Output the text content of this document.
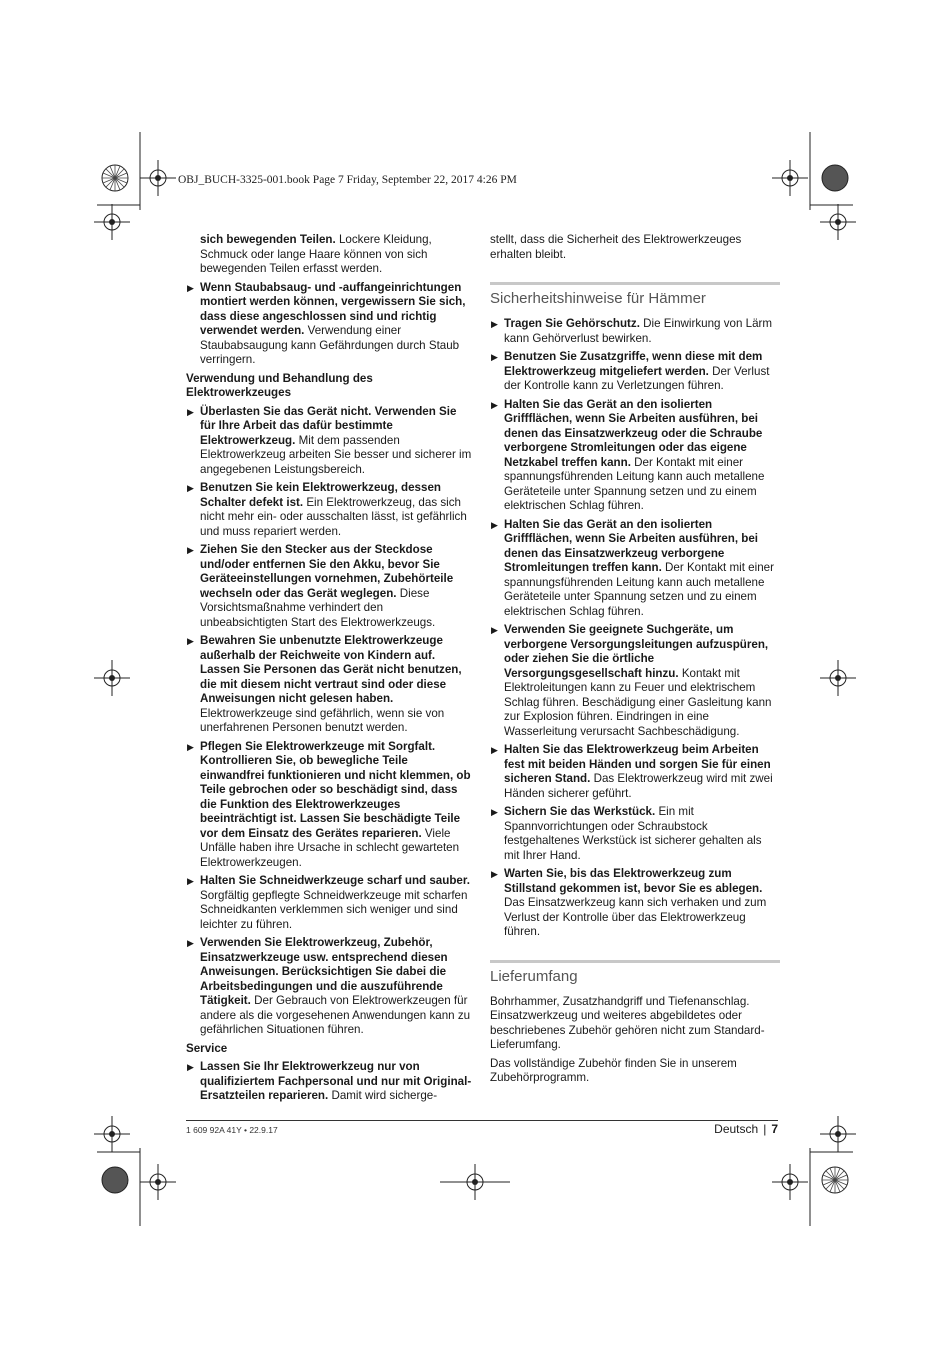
OBJ_BUCH-3325-001.book Page 7 Friday, September 22, 2017 4:26 PM

sich bewegenden Teilen. Lockere Kleidung, Schmuck oder lange Haare können von sich bewegenden Teilen erfasst werden.

▶ Wenn Staubabsaug- und -auffangeinrichtungen montiert werden können, vergewissern Sie sich, dass diese angeschlossen sind und richtig verwendet werden. Verwendung einer Staubabsaugung kann Gefährdungen durch Staub verringern.
Verwendung und Behandlung des Elektrowerkzeuges
▶ Überlasten Sie das Gerät nicht. Verwenden Sie für Ihre Arbeit das dafür bestimmte Elektrowerkzeug. Mit dem passenden Elektrowerkzeug arbeiten Sie besser und sicherer im angegebenen Leistungsbereich.
▶ Benutzen Sie kein Elektrowerkzeug, dessen Schalter defekt ist. Ein Elektrowerkzeug, das sich nicht mehr ein- oder ausschalten lässt, ist gefährlich und muss repariert werden.
▶ Ziehen Sie den Stecker aus der Steckdose und/oder entfernen Sie den Akku, bevor Sie Geräteeinstellungen vornehmen, Zubehörteile wechseln oder das Gerät weglegen. Diese Vorsichtsmaßnahme verhindert den unbeabsichtigten Start des Elektrowerkzeugs.
▶ Bewahren Sie unbenutzte Elektrowerkzeuge außerhalb der Reichweite von Kindern auf. Lassen Sie Personen das Gerät nicht benutzen, die mit diesem nicht vertraut sind oder diese Anweisungen nicht gelesen haben. Elektrowerkzeuge sind gefährlich, wenn sie von unerfahrenen Personen benutzt werden.
▶ Pflegen Sie Elektrowerkzeuge mit Sorgfalt. Kontrollieren Sie, ob bewegliche Teile einwandfrei funktionieren und nicht klemmen, ob Teile gebrochen oder so beschädigt sind, dass die Funktion des Elektrowerkzeuges beeinträchtigt ist. Lassen Sie beschädigte Teile vor dem Einsatz des Gerätes reparieren. Viele Unfälle haben ihre Ursache in schlecht gewarteten Elektrowerkzeugen.
▶ Halten Sie Schneidwerkzeuge scharf und sauber. Sorgfältig gepflegte Schneidwerkzeuge mit scharfen Schneidkanten verklemmen sich weniger und sind leichter zu führen.
▶ Verwenden Sie Elektrowerkzeug, Zubehör, Einsatzwerkzeuge usw. entsprechend diesen Anweisungen. Berücksichtigen Sie dabei die Arbeitsbedingungen und die auszuführende Tätigkeit. Der Gebrauch von Elektrowerkzeugen für andere als die vorgesehenen Anwendungen kann zu gefährlichen Situationen führen.
Service
▶ Lassen Sie Ihr Elektrowerkzeug nur von qualifiziertem Fachpersonal und nur mit Original-Ersatzteilen reparieren. Damit wird sicherge-

stellt, dass die Sicherheit des Elektrowerkzeuges erhalten bleibt.

Sicherheitshinweise für Hämmer
▶ Tragen Sie Gehörschutz. Die Einwirkung von Lärm kann Gehörverlust bewirken.
▶ Benutzen Sie Zusatzgriffe, wenn diese mit dem Elektrowerkzeug mitgeliefert werden. Der Verlust der Kontrolle kann zu Verletzungen führen.
▶ Halten Sie das Gerät an den isolierten Griffflächen, wenn Sie Arbeiten ausführen, bei denen das Einsatzwerkzeug oder die Schraube verborgene Stromleitungen oder das eigene Netzkabel treffen kann. Der Kontakt mit einer spannungsführenden Leitung kann auch metallene Geräteteile unter Spannung setzen und zu einem elektrischen Schlag führen.
▶ Halten Sie das Gerät an den isolierten Griffflächen, wenn Sie Arbeiten ausführen, bei denen das Einsatzwerkzeug verborgene Stromleitungen treffen kann. Der Kontakt mit einer spannungsführenden Leitung kann auch metallene Geräteteile unter Spannung setzen und zu einem elektrischen Schlag führen.
▶ Verwenden Sie geeignete Suchgeräte, um verborgene Versorgungsleitungen aufzuspüren, oder ziehen Sie die örtliche Versorgungsgesellschaft hinzu. Kontakt mit Elektroleitungen kann zu Feuer und elektrischem Schlag führen. Beschädigung einer Gasleitung kann zur Explosion führen. Eindringen in eine Wasserleitung verursacht Sachbeschädigung.
▶ Halten Sie das Elektrowerkzeug beim Arbeiten fest mit beiden Händen und sorgen Sie für einen sicheren Stand. Das Elektrowerkzeug wird mit zwei Händen sicherer geführt.
▶ Sichern Sie das Werkstück. Ein mit Spannvorrichtungen oder Schraubstock festgehaltenes Werkstück ist sicherer gehalten als mit Ihrer Hand.
▶ Warten Sie, bis das Elektrowerkzeug zum Stillstand gekommen ist, bevor Sie es ablegen. Das Einsatzwerkzeug kann sich verhaken und zum Verlust der Kontrolle über das Elektrowerkzeug führen.
Lieferumfang

Bohrhammer, Zusatzhandgriff und Tiefenanschlag. Einsatzwerkzeug und weiteres abgebildetes oder beschriebenes Zubehör gehören nicht zum Standard-Lieferumfang.

Das vollständige Zubehör finden Sie in unserem Zubehörprogramm.

1 609 92A 41Y • 22.9.17	Deutsch | 7
